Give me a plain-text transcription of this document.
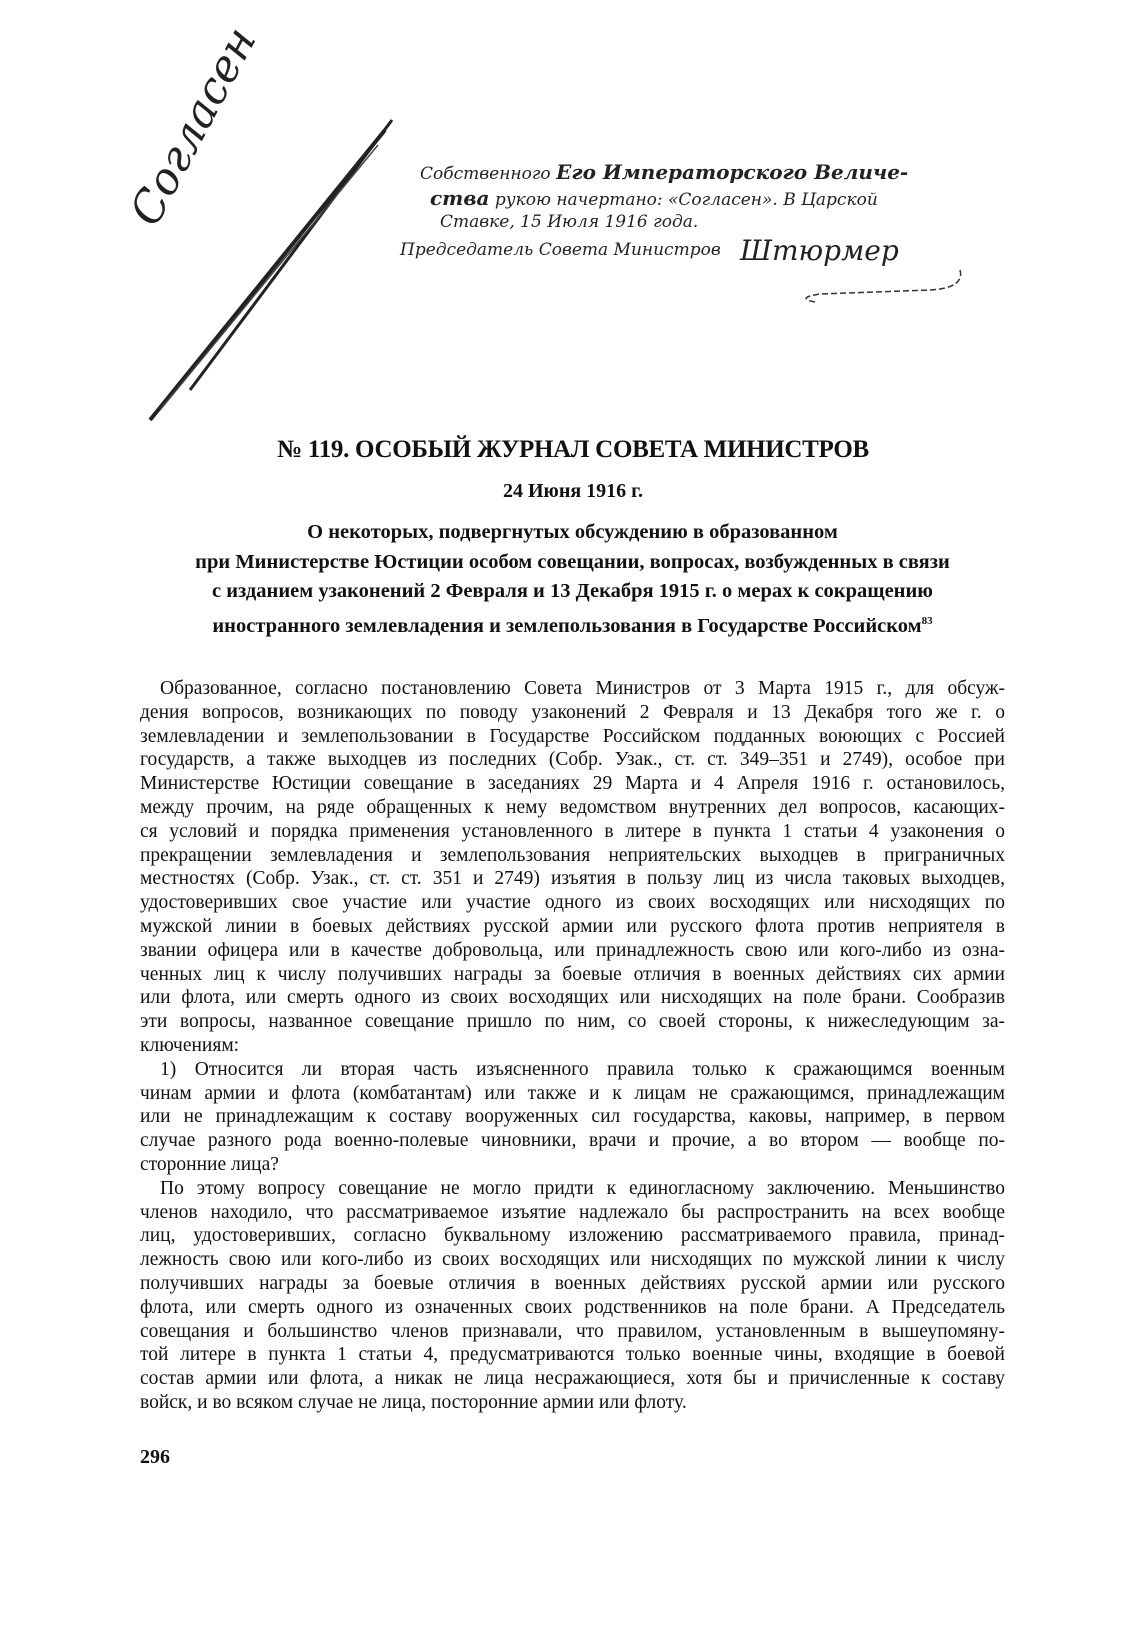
Согласен	Собственного Его Императорского Величе-
ства рукою начертано: «Согласен». В Царской
Ставке, 15 Июля 1916 года.
Председатель Совета Министров Штюрмер
№ 119. ОСОБЫЙ ЖУРНАЛ СОВЕТА МИНИСТРОВ
24 Июня 1916 г.
О некоторых, подвергнутых обсуждению в образованном
при Министерстве Юстиции особом совещании, вопросах, возбужденных в связи
с изданием узаконений 2 Февраля и 13 Декабря 1915 г. о мерах к сокращению
иностранного землевладения и землепользования в Государстве Российском$^{83}$
Образованное, согласно постановлению Совета Министров от 3 Марта 1915 г., для обсуж-
дения вопросов, возникающих по поводу узаконений 2 Февраля и 13 Декабря того же г. о
землевладении и землепользовании в Государстве Российском подданных воюющих с Россией
государств, а также выходцев из последних (Собр. Узак., ст. ст. 349–351 и 2749), особое при
Министерстве Юстиции совещание в заседаниях 29 Марта и 4 Апреля 1916 г. остановилось,
между прочим, на ряде обращенных к нему ведомством внутренних дел вопросов, касающих-
ся условий и порядка применения установленного в литере в пункта 1 статьи 4 узаконения о
прекращении землевладения и землепользования неприятельских выходцев в приграничных
местностях (Собр. Узак., ст. ст. 351 и 2749) изъятия в пользу лиц из числа таковых выходцев,
удостоверивших свое участие или участие одного из своих восходящих или нисходящих по
мужской линии в боевых действиях русской армии или русского флота против неприятеля в
звании офицера или в качестве добровольца, или принадлежность свою или кого-либо из озна-
ченных лиц к числу получивших награды за боевые отличия в военных действиях сих армии
или флота, или смерть одного из своих восходящих или нисходящих на поле брани. Сообразив
эти вопросы, названное совещание пришло по ним, со своей стороны, к нижеследующим за-
ключениям:
1) Относится ли вторая часть изъясненного правила только к сражающимся военным
чинам армии и флота (комбатантам) или также и к лицам не сражающимся, принадлежащим
или не принадлежащим к составу вооруженных сил государства, каковы, например, в первом
случае разного рода военно-полевые чиновники, врачи и прочие, а во втором — вообще по-
сторонние лица?
По этому вопросу совещание не могло придти к единогласному заключению. Меньшинство
членов находило, что рассматриваемое изъятие надлежало бы распространить на всех вообще
лиц, удостоверивших, согласно буквальному изложению рассматриваемого правила, принад-
лежность свою или кого-либо из своих восходящих или нисходящих по мужской линии к числу
получивших награды за боевые отличия в военных действиях русской армии или русского
флота, или смерть одного из означенных своих родственников на поле брани. А Председатель
совещания и большинство членов признавали, что правилом, установленным в вышеупомяну-
той литере в пункта 1 статьи 4, предусматриваются только военные чины, входящие в боевой
состав армии или флота, а никак не лица несражающиеся, хотя бы и причисленные к составу
войск, и во всяком случае не лица, посторонние армии или флоту.
296
